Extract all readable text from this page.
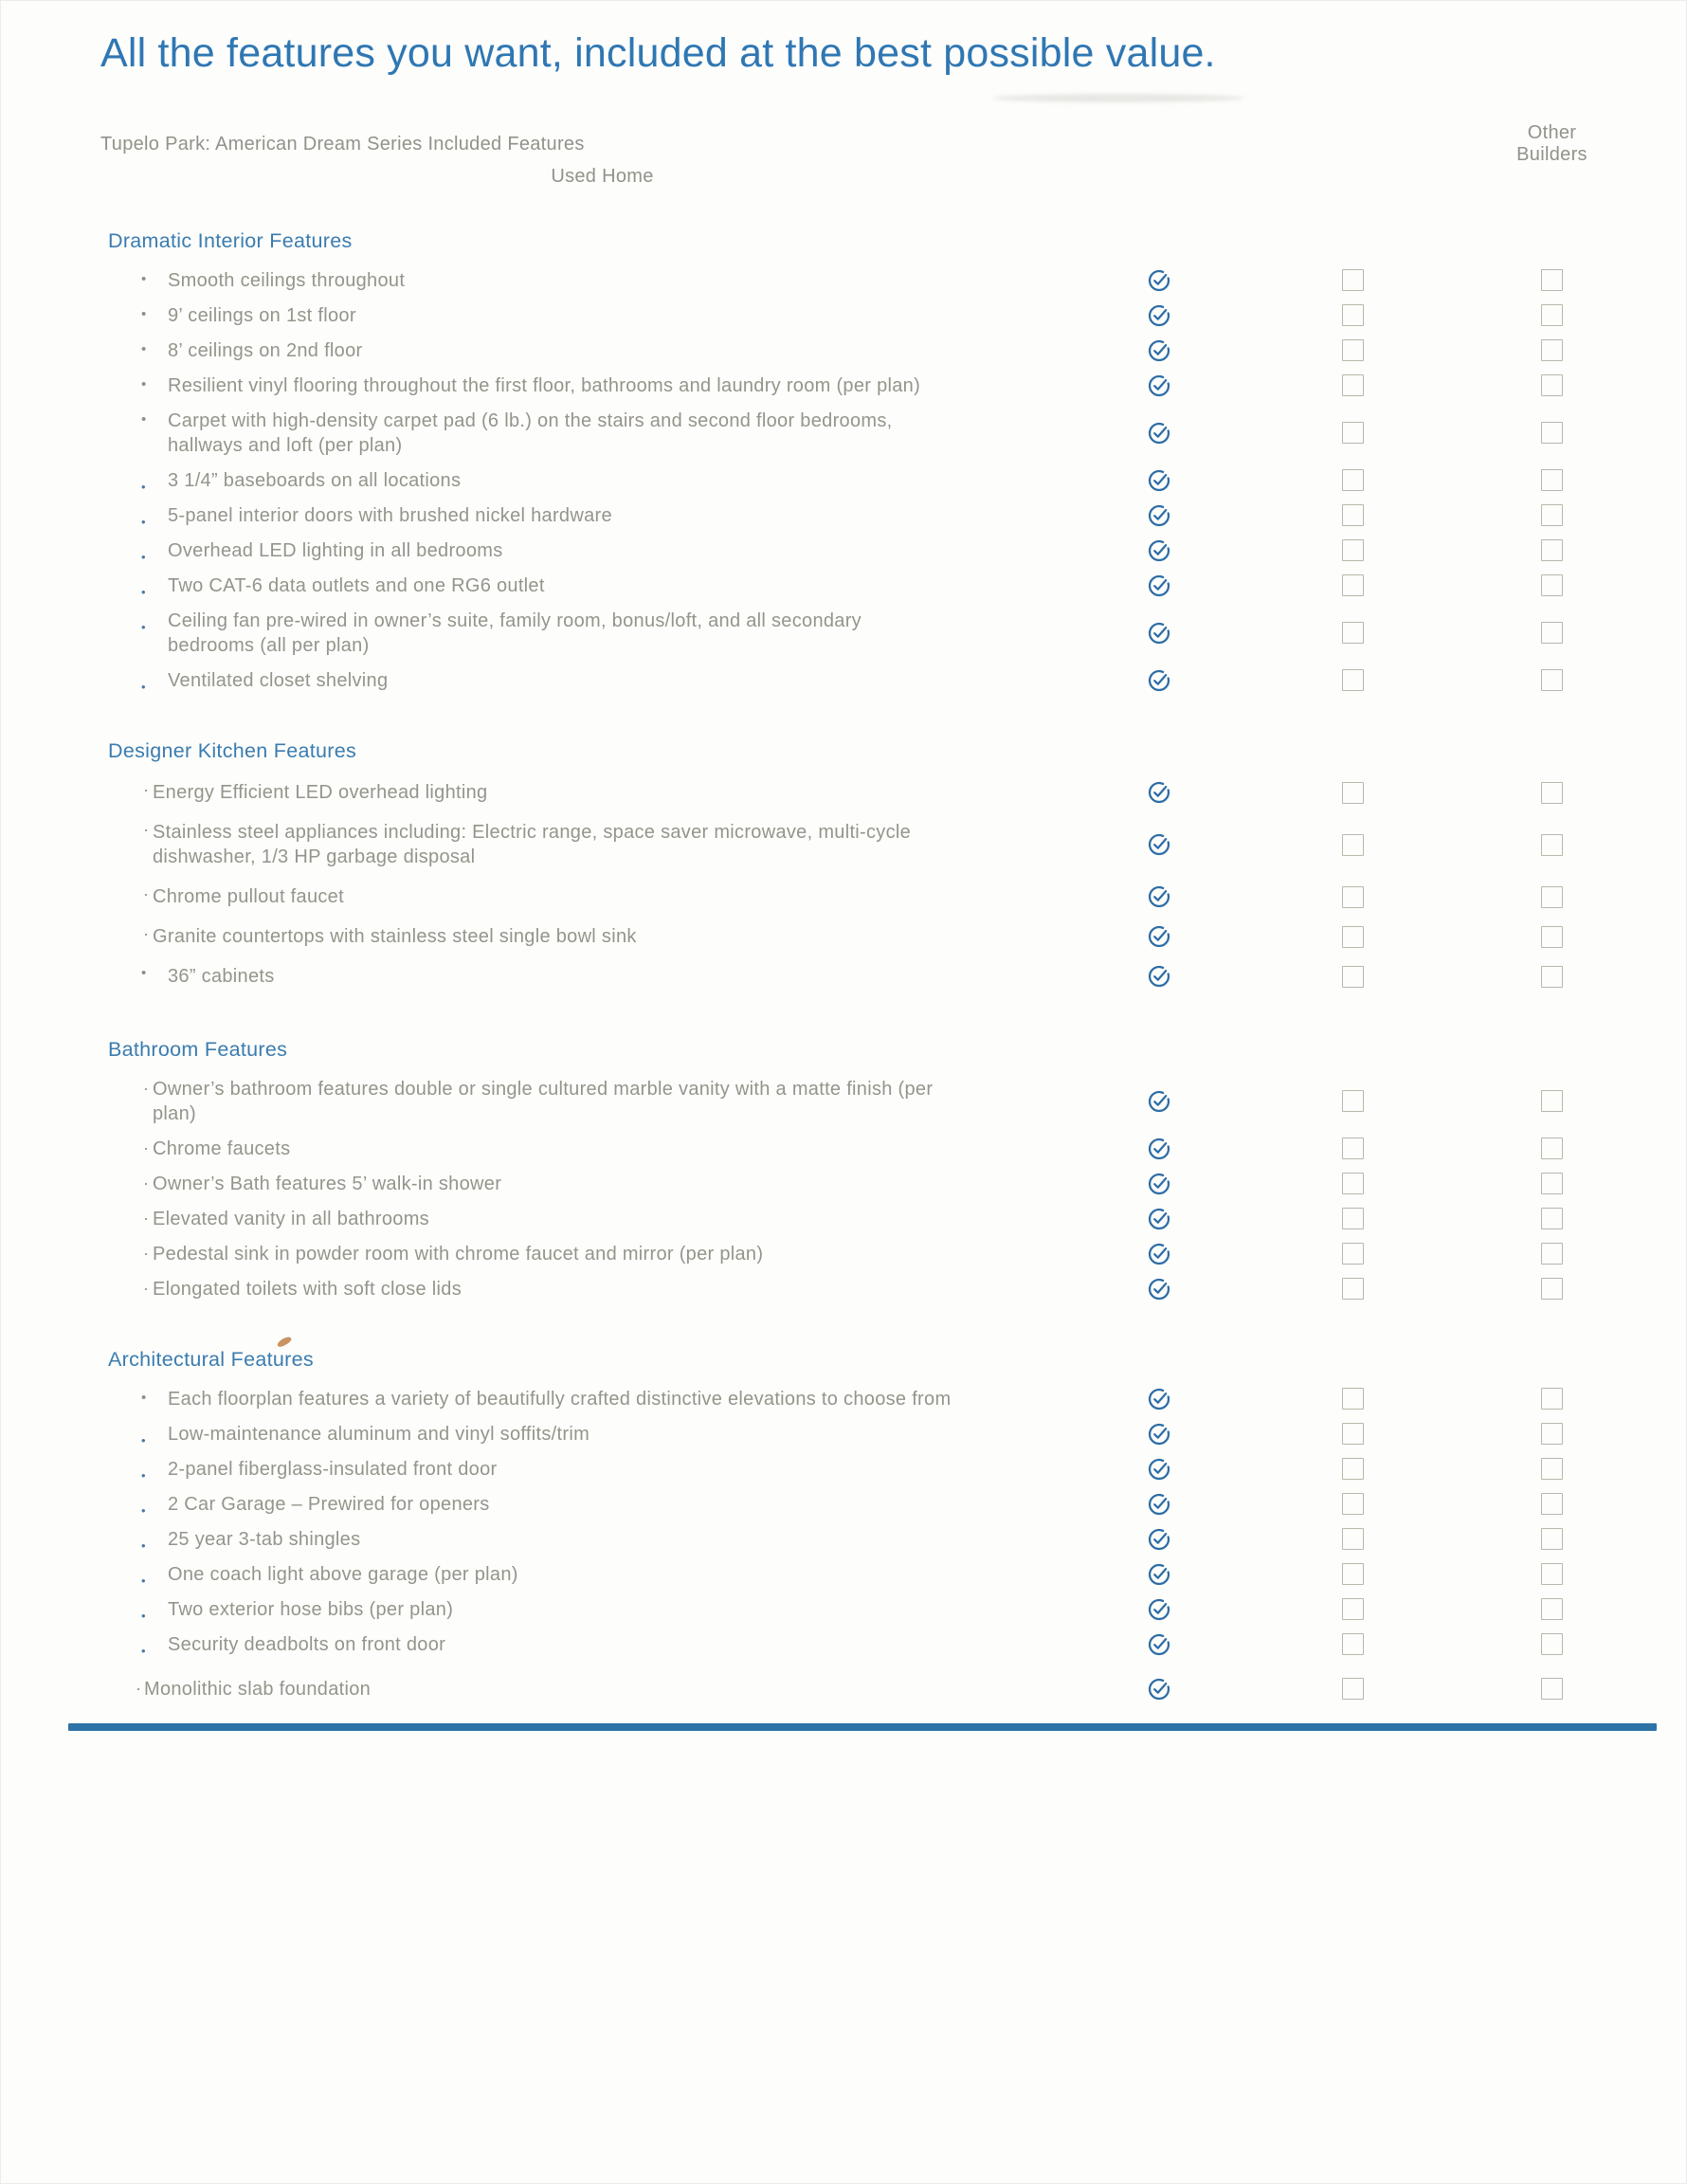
All the features you want, included at the best possible value.
Tupelo Park: American Dream Series Included Features
Other Builders
Used Home
Dramatic Interior Features
• Smooth ceilings throughout
• 9’ ceilings on 1st floor
• 8’ ceilings on 2nd floor
• Resilient vinyl flooring throughout the first floor, bathrooms and laundry room (per plan)
• Carpet with high-density carpet pad (6 lb.) on the stairs and second floor bedrooms, hallways and loft (per plan)
• 3 1/4” baseboards on all locations
• 5-panel interior doors with brushed nickel hardware
• Overhead LED lighting in all bedrooms
• Two CAT-6 data outlets and one RG6 outlet
• Ceiling fan pre-wired in owner’s suite, family room, bonus/loft, and all secondary bedrooms (all per plan)
• Ventilated closet shelving
Designer Kitchen Features
· Energy Efficient LED overhead lighting
· Stainless steel appliances including: Electric range, space saver microwave, multi-cycle dishwasher, 1/3 HP garbage disposal
· Chrome pullout faucet
· Granite countertops with stainless steel single bowl sink
• 36” cabinets
Bathroom Features
· Owner’s bathroom features double or single cultured marble vanity with a matte finish (per plan)
· Chrome faucets
· Owner’s Bath features 5’ walk-in shower
· Elevated vanity in all bathrooms
· Pedestal sink in powder room with chrome faucet and mirror (per plan)
· Elongated toilets with soft close lids
Architectural Features
• Each floorplan features a variety of beautifully crafted distinctive elevations to choose from
• Low-maintenance aluminum and vinyl soffits/trim
• 2-panel fiberglass-insulated front door
• 2 Car Garage – Prewired for openers
• 25 year 3-tab shingles
• One coach light above garage (per plan)
• Two exterior hose bibs (per plan)
• Security deadbolts on front door
· Monolithic slab foundation
